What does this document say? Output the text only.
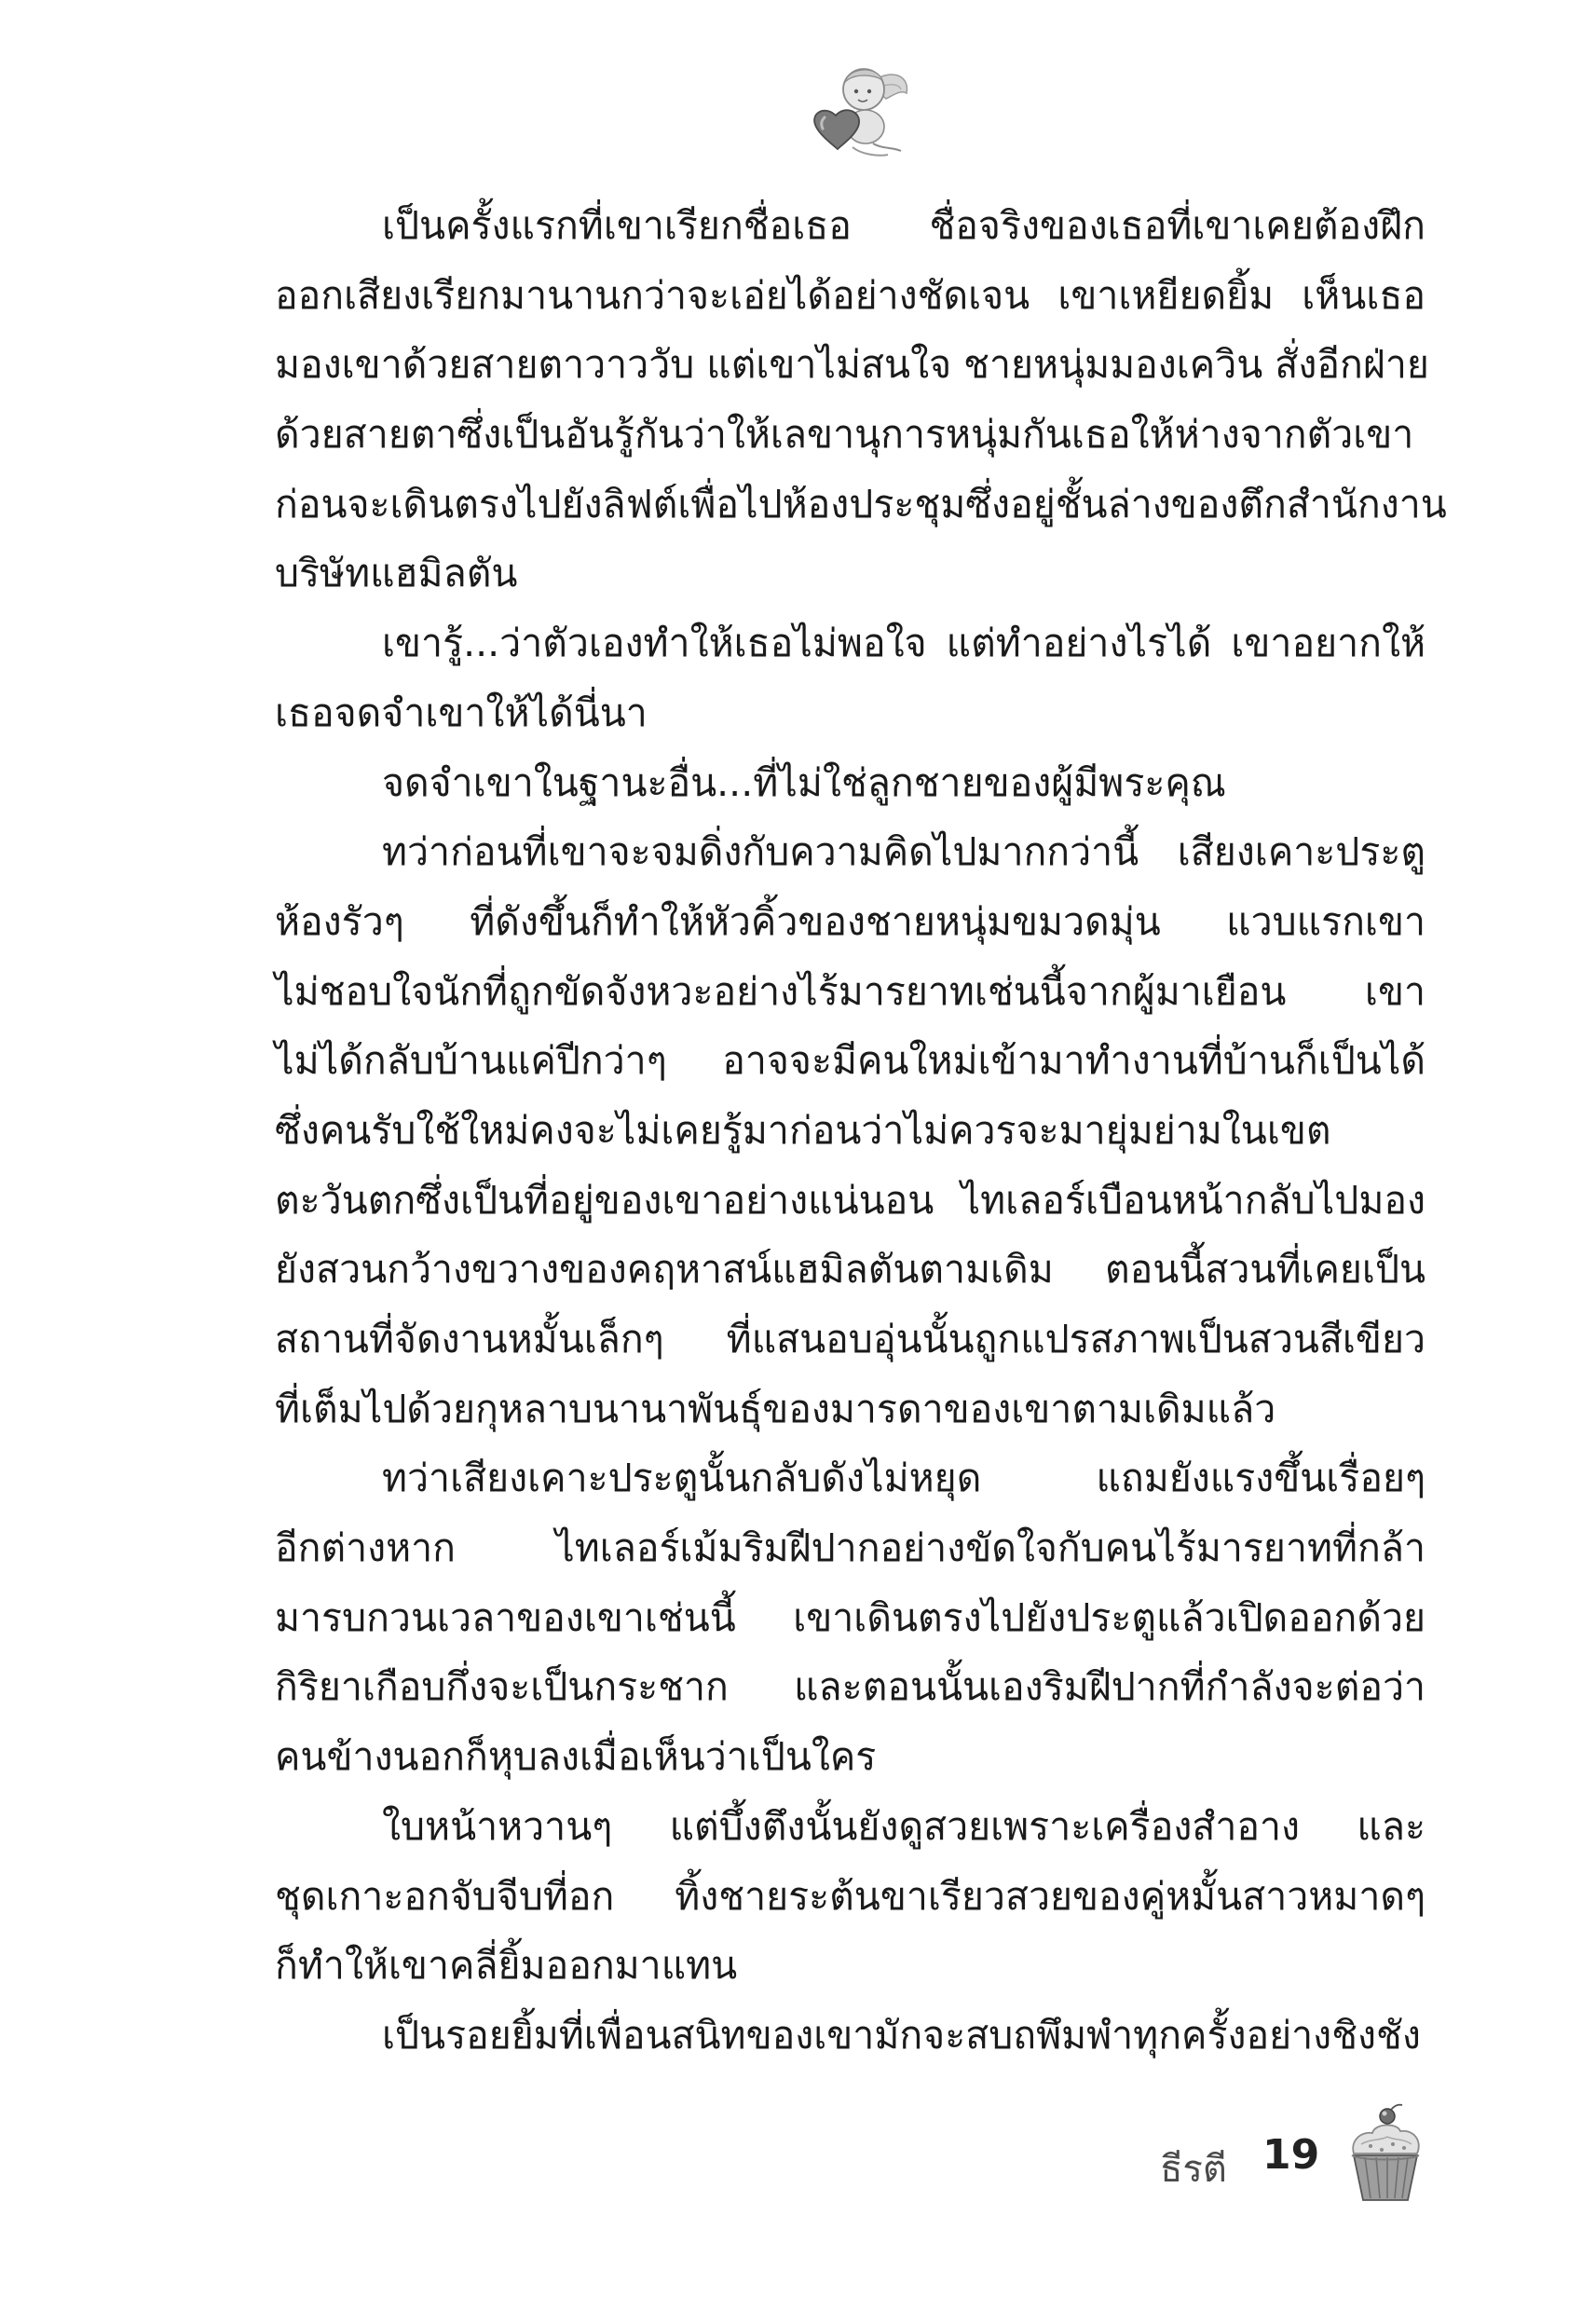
เป็นครั้งแรกที่เขาเรียกชื่อเธอ ชื่อจริงของเธอที่เขาเคยต้องฝึก
ออกเสียงเรียกมานานกว่าจะเอ่ยได้อย่างชัดเจน เขาเหยียดยิ้ม เห็นเธอ
มองเขาด้วยสายตาวาววับ แต่เขาไม่สนใจ ชายหนุ่มมองเควิน สั่งอีกฝ่าย
ด้วยสายตาซึ่งเป็นอันรู้กันว่าให้เลขานุการหนุ่มกันเธอให้ห่างจากตัวเขา
ก่อนจะเดินตรงไปยังลิฟต์เพื่อไปห้องประชุมซึ่งอยู่ชั้นล่างของตึกสำนักงาน
บริษัทแฮมิลตัน
เขารู้...ว่าตัวเองทำให้เธอไม่พอใจ แต่ทำอย่างไรได้ เขาอยากให้
เธอจดจำเขาให้ได้นี่นา
จดจำเขาในฐานะอื่น...ที่ไม่ใช่ลูกชายของผู้มีพระคุณ
ทว่าก่อนที่เขาจะจมดิ่งกับความคิดไปมากกว่านี้ เสียงเคาะประตู
ห้องรัวๆ ที่ดังขึ้นก็ทำให้หัวคิ้วของชายหนุ่มขมวดมุ่น แวบแรกเขา
ไม่ชอบใจนักที่ถูกขัดจังหวะอย่างไร้มารยาทเช่นนี้จากผู้มาเยือน เขา
ไม่ได้กลับบ้านแค่ปีกว่าๆ อาจจะมีคนใหม่เข้ามาทำงานที่บ้านก็เป็นได้
ซึ่งคนรับใช้ใหม่คงจะไม่เคยรู้มาก่อนว่าไม่ควรจะมายุ่มย่ามในเขต
ตะวันตกซึ่งเป็นที่อยู่ของเขาอย่างแน่นอน ไทเลอร์เบือนหน้ากลับไปมอง
ยังสวนกว้างขวางของคฤหาสน์แฮมิลตันตามเดิม ตอนนี้สวนที่เคยเป็น
สถานที่จัดงานหมั้นเล็กๆ ที่แสนอบอุ่นนั้นถูกแปรสภาพเป็นสวนสีเขียว
ที่เต็มไปด้วยกุหลาบนานาพันธุ์ของมารดาของเขาตามเดิมแล้ว
ทว่าเสียงเคาะประตูนั้นกลับดังไม่หยุด แถมยังแรงขึ้นเรื่อยๆ
อีกต่างหาก ไทเลอร์เม้มริมฝีปากอย่างขัดใจกับคนไร้มารยาทที่กล้า
มารบกวนเวลาของเขาเช่นนี้ เขาเดินตรงไปยังประตูแล้วเปิดออกด้วย
กิริยาเกือบกึ่งจะเป็นกระชาก และตอนนั้นเองริมฝีปากที่กำลังจะต่อว่า
คนข้างนอกก็หุบลงเมื่อเห็นว่าเป็นใคร
ใบหน้าหวานๆ แต่บึ้งตึงนั้นยังดูสวยเพราะเครื่องสำอาง และ
ชุดเกาะอกจับจีบที่อก ทิ้งชายระต้นขาเรียวสวยของคู่หมั้นสาวหมาดๆ
ก็ทำให้เขาคลี่ยิ้มออกมาแทน
เป็นรอยยิ้มที่เพื่อนสนิทของเขามักจะสบถพึมพำทุกครั้งอย่างชิงชัง
ธีรตี 19
